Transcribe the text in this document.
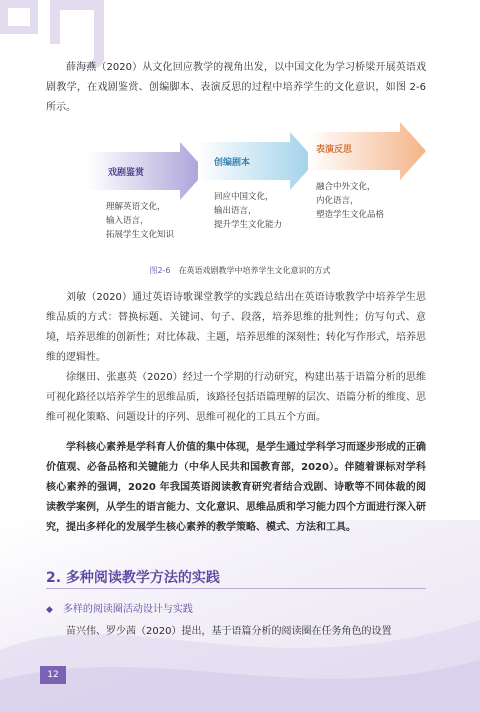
薛海燕（2020）从文化回应教学的视角出发，以中国文化为学习桥梁开展英语戏剧教学，在戏剧鉴赏、创编脚本、表演反思的过程中培养学生的文化意识，如图 2-6 所示。

戏剧鉴赏
创编剧本
表演反思
理解英语文化，
输入语言，
拓展学生文化知识
回应中国文化，
输出语言，
提升学生文化能力
融合中外文化，
内化语言，
塑造学生文化品格
图2-6 在英语戏剧教学中培养学生文化意识的方式

刘敏（2020）通过英语诗歌课堂教学的实践总结出在英语诗歌教学中培养学生思维品质的方式：替换标题、关键词、句子、段落，培养思维的批判性；仿写句式、意境，培养思维的创新性；对比体裁、主题，培养思维的深刻性；转化写作形式，培养思维的逻辑性。

徐继田、张惠英（2020）经过一个学期的行动研究，构建出基于语篇分析的思维可视化路径以培养学生的思维品质，该路径包括语篇理解的层次、语篇分析的维度、思维可视化策略、问题设计的序列、思维可视化的工具五个方面。

学科核心素养是学科育人价值的集中体现，是学生通过学科学习而逐步形成的正确价值观、必备品格和关键能力（中华人民共和国教育部，2020）。伴随着课标对学科核心素养的强调，2020 年我国英语阅读教育研究者结合戏剧、诗歌等不同体裁的阅读教学案例，从学生的语言能力、文化意识、思维品质和学习能力四个方面进行深入研究，提出多样化的发展学生核心素养的教学策略、模式、方法和工具。

2. 多种阅读教学方法的实践
◆ 多样的阅读圈活动设计与实践

苗兴伟、罗少茜（2020）提出，基于语篇分析的阅读圈在任务角色的设置

12
